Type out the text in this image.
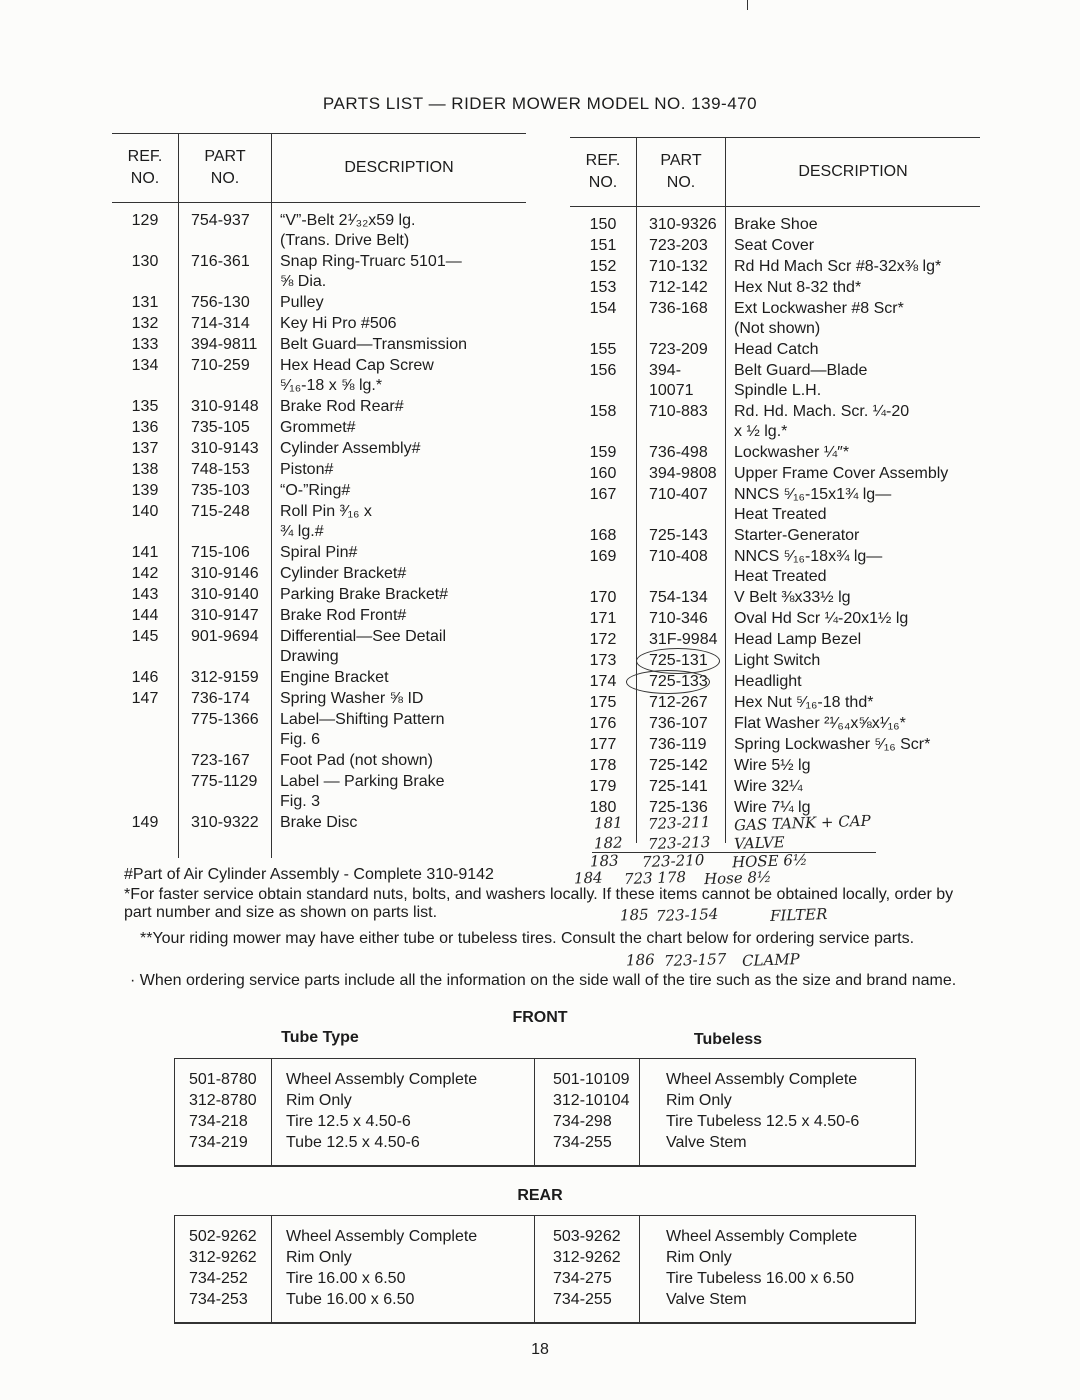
PARTS LIST — RIDER MOWER MODEL NO. 139-470
REF.
NO.	PART
NO.	DESCRIPTION
129	754-937	“V”-Belt 2¹⁄₃₂x59 lg.
(Trans. Drive Belt)
130	716-361	Snap Ring-Truarc 5101—
⅝ Dia.
131	756-130	Pulley
132	714-314	Key Hi Pro #506
133	394-9811	Belt Guard—Transmission
134	710-259	Hex Head Cap Screw
⁵⁄₁₆-18 x ⅝ lg.*
135	310-9148	Brake Rod Rear#
136	735-105	Grommet#
137	310-9143	Cylinder Assembly#
138	748-153	Piston#
139	735-103	“O-”Ring#
140	715-248	Roll Pin ³⁄₁₆ x
¾ lg.#
141	715-106	Spiral Pin#
142	310-9146	Cylinder Bracket#
143	310-9140	Parking Brake Bracket#
144	310-9147	Brake Rod Front#
145	901-9694	Differential—See Detail
Drawing
146	312-9159	Engine Bracket
147	736-174	Spring Washer ⅝ ID
	775-1366	Label—Shifting Pattern
Fig. 6
	723-167	Foot Pad (not shown)
	775-1129	Label — Parking Brake
Fig. 3
149	310-9322	Brake Disc

REF.
NO.	PART
NO.	DESCRIPTION
150	310-9326	Brake Shoe
151	723-203	Seat Cover
152	710-132	Rd Hd Mach Scr #8-32x⅜ lg*
153	712-142	Hex Nut 8-32 thd*
154	736-168	Ext Lockwasher #8 Scr*
(Not shown)
155	723-209	Head Catch
156	394-10071	Belt Guard—Blade
Spindle L.H.
158	710-883	Rd. Hd. Mach. Scr. ¼-20
x ½ lg.*
159	736-498	Lockwasher ¼″*
160	394-9808	Upper Frame Cover Assembly
167	710-407	NNCS ⁵⁄₁₆-15x1¾ lg—
Heat Treated
168	725-143	Starter-Generator
169	710-408	NNCS ⁵⁄₁₆-18x¾ lg—
Heat Treated
170	754-134	V Belt ⅜x33½ lg
171	710-346	Oval Hd Scr ¼-20x1½ lg
172	31F-9984	Head Lamp Bezel
173	725-131	Light Switch
174	725-133	Headlight
175	712-267	Hex Nut ⁵⁄₁₆-18 thd*
176	736-107	Flat Washer ²¹⁄₆₄x⅝x¹⁄₁₆*
177	736-119	Spring Lockwasher ⁵⁄₁₆ Scr*
178	725-142	Wire 5½ lg
179	725-141	Wire 32¼
180	725-136	Wire 7¼ lg

181 723-211 GAS TANK + CAP
182 723-213 VALVE
183 723-210 HOSE 6½
184 723 178 Hose 8½
185 723-154	FILTER
186 723-157 CLAMP
#Part of Air Cylinder Assembly - Complete 310-9142
*For faster service obtain standard nuts, bolts, and washers locally. If these items cannot be obtained locally, order by part number and size as shown on parts list.
**Your riding mower may have either tube or tubeless tires. Consult the chart below for ordering service parts.
· When ordering service parts include all the information on the side wall of the tire such as the size and brand name.
FRONT
Tube Type	Tubeless
501-8780	Wheel Assembly Complete	501-10109	Wheel Assembly Complete
312-8780	Rim Only	312-10104	Rim Only
734-218	Tire 12.5 x 4.50-6	734-298	Tire Tubeless 12.5 x 4.50-6
734-219	Tube 12.5 x 4.50-6	734-255	Valve Stem
REAR
502-9262	Wheel Assembly Complete	503-9262	Wheel Assembly Complete
312-9262	Rim Only	312-9262	Rim Only
734-252	Tire 16.00 x 6.50	734-275	Tire Tubeless 16.00 x 6.50
734-253	Tube 16.00 x 6.50	734-255	Valve Stem
18
